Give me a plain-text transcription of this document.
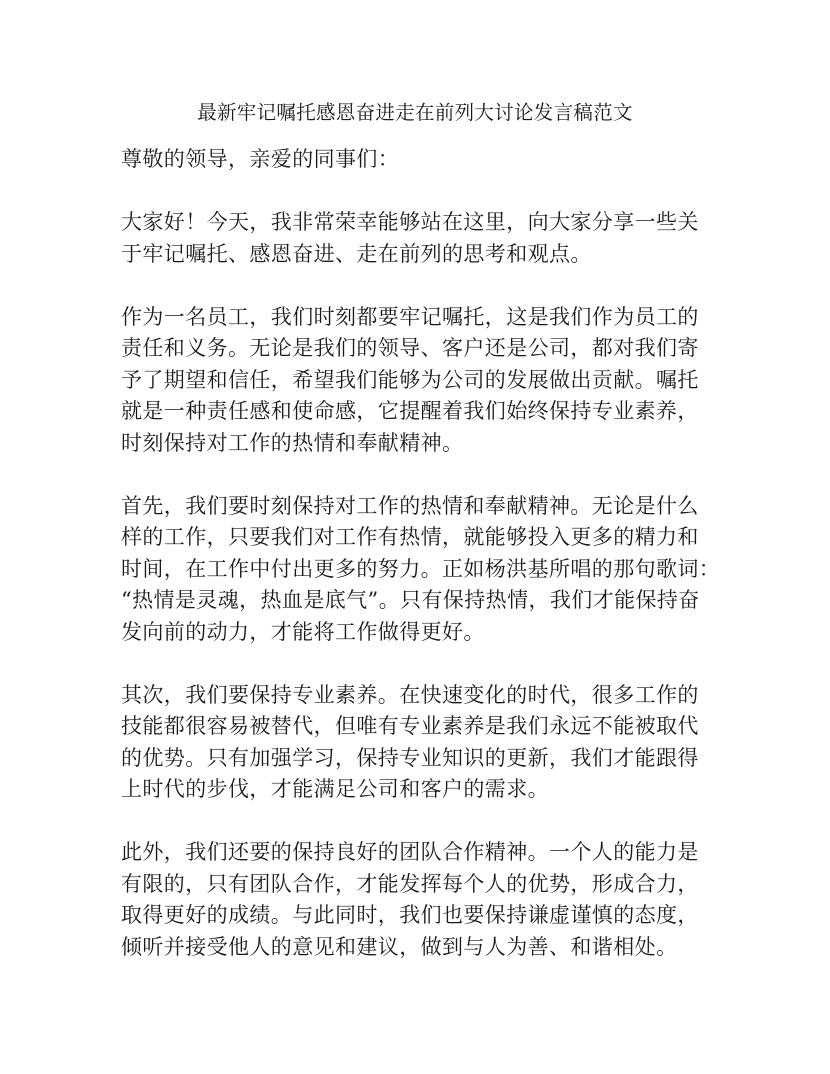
最新牢记嘱托感恩奋进走在前列大讨论发言稿范文

尊敬的领导，亲爱的同事们：

大家好！今天，我非常荣幸能够站在这里，向大家分享一些关
于牢记嘱托、感恩奋进、走在前列的思考和观点。

作为一名员工，我们时刻都要牢记嘱托，这是我们作为员工的
责任和义务。无论是我们的领导、客户还是公司，都对我们寄
予了期望和信任，希望我们能够为公司的发展做出贡献。嘱托
就是一种责任感和使命感，它提醒着我们始终保持专业素养，
时刻保持对工作的热情和奉献精神。

首先，我们要时刻保持对工作的热情和奉献精神。无论是什么
样的工作，只要我们对工作有热情，就能够投入更多的精力和
时间，在工作中付出更多的努力。正如杨洪基所唱的那句歌词：
“热情是灵魂，热血是底气”。只有保持热情，我们才能保持奋
发向前的动力，才能将工作做得更好。

其次，我们要保持专业素养。在快速变化的时代，很多工作的
技能都很容易被替代，但唯有专业素养是我们永远不能被取代
的优势。只有加强学习，保持专业知识的更新，我们才能跟得
上时代的步伐，才能满足公司和客户的需求。

此外，我们还要的保持良好的团队合作精神。一个人的能力是
有限的，只有团队合作，才能发挥每个人的优势，形成合力，
取得更好的成绩。与此同时，我们也要保持谦虚谨慎的态度，
倾听并接受他人的意见和建议，做到与人为善、和谐相处。
